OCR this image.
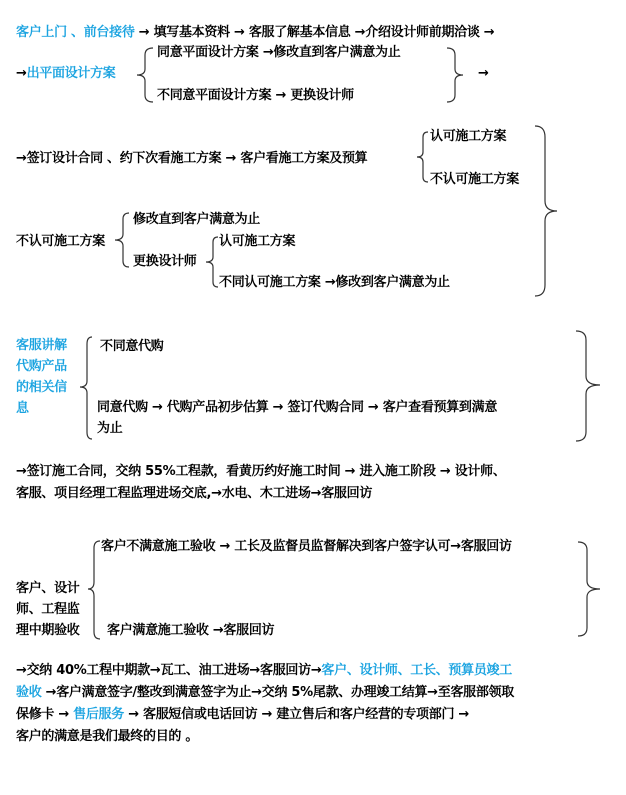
客户上门 、前台接待 → 填写基本资料 → 客服了解基本信息 →介绍设计师前期洽谈 →
→出平面设计方案
同意平面设计方案 →修改直到客户满意为止
不同意平面设计方案 → 更换设计师
→
→签订设计合同 、约下次看施工方案 → 客户看施工方案及预算
认可施工方案
不认可施工方案
不认可施工方案
修改直到客户满意为止
更换设计师
认可施工方案
不同认可施工方案 →修改到客户满意为止
客服讲解
代购产品
的相关信
息
不同意代购
同意代购 → 代购产品初步估算 → 签订代购合同 → 客户查看预算到满意
为止
→签订施工合同，交纳 55%工程款，看黄历约好施工时间 → 进入施工阶段 → 设计师、
客服、项目经理工程监理进场交底,→水电、木工进场→客服回访
客户、设计
师、工程监
理中期验收
客户不满意施工验收 → 工长及监督员监督解决到客户签字认可→客服回访
客户满意施工验收 →客服回访
→交纳 40%工程中期款→瓦工、油工进场→客服回访→客户、设计师、工长、预算员竣工
验收 →客户满意签字/整改到满意签字为止→交纳 5%尾款、办理竣工结算→至客服部领取
保修卡 → 售后服务 → 客服短信或电话回访 → 建立售后和客户经营的专项部门 →
客户的满意是我们最终的目的 。
